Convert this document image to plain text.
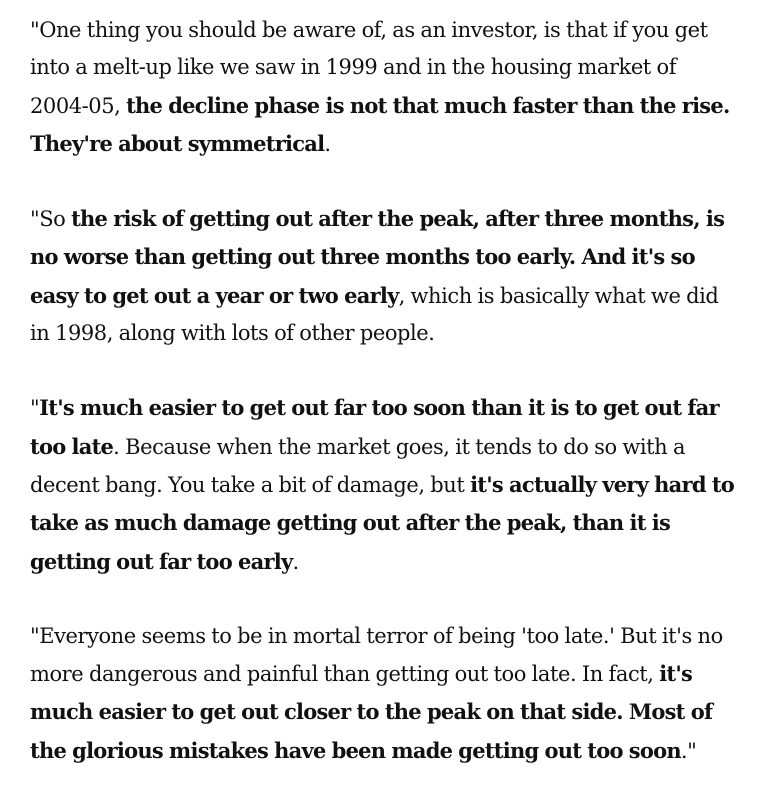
"One thing you should be aware of, as an investor, is that if you get into a melt-up like we saw in 1999 and in the housing market of 2004-05, the decline phase is not that much faster than the rise. They're about symmetrical.

"So the risk of getting out after the peak, after three months, is no worse than getting out three months too early. And it's so easy to get out a year or two early, which is basically what we did in 1998, along with lots of other people.

"It's much easier to get out far too soon than it is to get out far too late. Because when the market goes, it tends to do so with a decent bang. You take a bit of damage, but it's actually very hard to take as much damage getting out after the peak, than it is getting out far too early.

"Everyone seems to be in mortal terror of being 'too late.' But it's no more dangerous and painful than getting out too late. In fact, it's much easier to get out closer to the peak on that side. Most of the glorious mistakes have been made getting out too soon."
